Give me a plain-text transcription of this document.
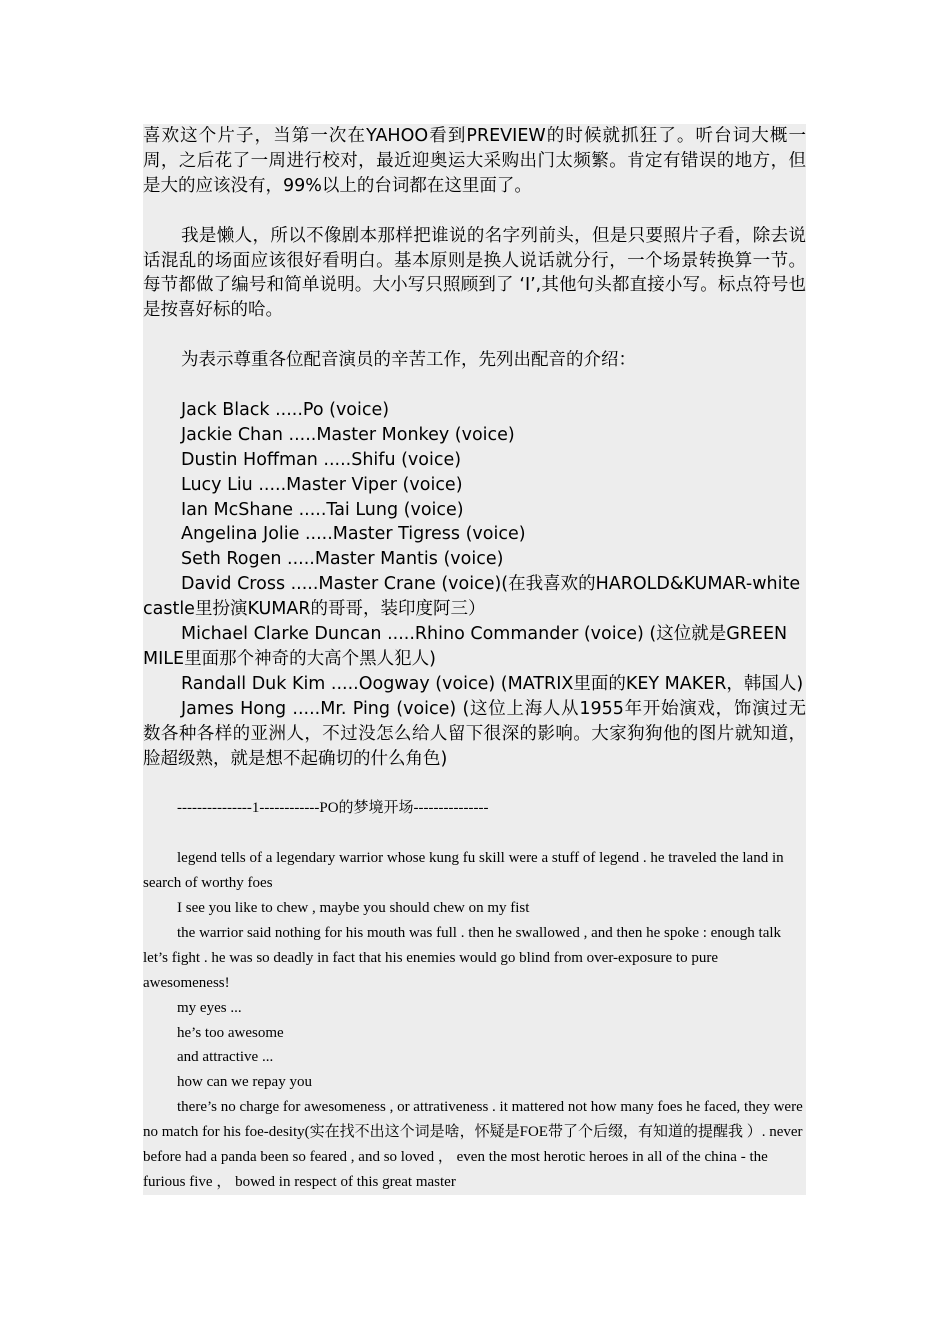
喜欢这个片子，当第一次在YAHOO看到PREVIEW的时候就抓狂了。听台词大概一周，之后花了一周进行校对，最近迎奥运大采购出门太频繁。肯定有错误的地方，但是大的应该没有，99%以上的台词都在这里面了。

我是懒人，所以不像剧本那样把谁说的名字列前头，但是只要照片子看，除去说话混乱的场面应该很好看明白。基本原则是换人说话就分行，一个场景转换算一节。每节都做了编号和简单说明。大小写只照顾到了 ‘I’,其他句头都直接小写。标点符号也是按喜好标的哈。

为表示尊重各位配音演员的辛苦工作，先列出配音的介绍：

Jack Black .....Po (voice)

Jackie Chan .....Master Monkey (voice)

Dustin Hoffman .....Shifu (voice)

Lucy Liu .....Master Viper (voice)

Ian McShane .....Tai Lung (voice)

Angelina Jolie .....Master Tigress (voice)

Seth Rogen .....Master Mantis (voice)

David Cross .....Master Crane (voice)(在我喜欢的HAROLD&KUMAR-white castle里扮演KUMAR的哥哥，装印度阿三）

Michael Clarke Duncan .....Rhino Commander (voice) (这位就是GREEN MILE里面那个神奇的大高个黑人犯人)

Randall Duk Kim .....Oogway (voice) (MATRIX里面的KEY MAKER，韩国人)

James Hong .....Mr. Ping (voice) (这位上海人从1955年开始演戏，饰演过无数各种各样的亚洲人，不过没怎么给人留下很深的影响。大家狗狗他的图片就知道，脸超级熟，就是想不起确切的什么角色)

---------------1------------PO的梦境开场---------------

legend tells of a legendary warrior whose kung fu skill were a stuff of legend . he traveled the land in search of worthy foes

I see you like to chew , maybe you should chew on my fist

the warrior said nothing for his mouth was full . then he swallowed , and then he spoke : enough talk let’s fight . he was so deadly in fact that his enemies would go blind from over-exposure to pure awesomeness!

my eyes ...

he’s too awesome

and attractive ...

how can we repay you

there’s no charge for awesomeness , or attrativeness . it mattered not how many foes he faced, they were no match for his foe-desity(实在找不出这个词是啥，怀疑是FOE带了个后缀，有知道的提醒我 ）. never before had a panda been so feared , and so loved ， even the most herotic heroes in all of the china - the furious five ， bowed in respect of this great master
